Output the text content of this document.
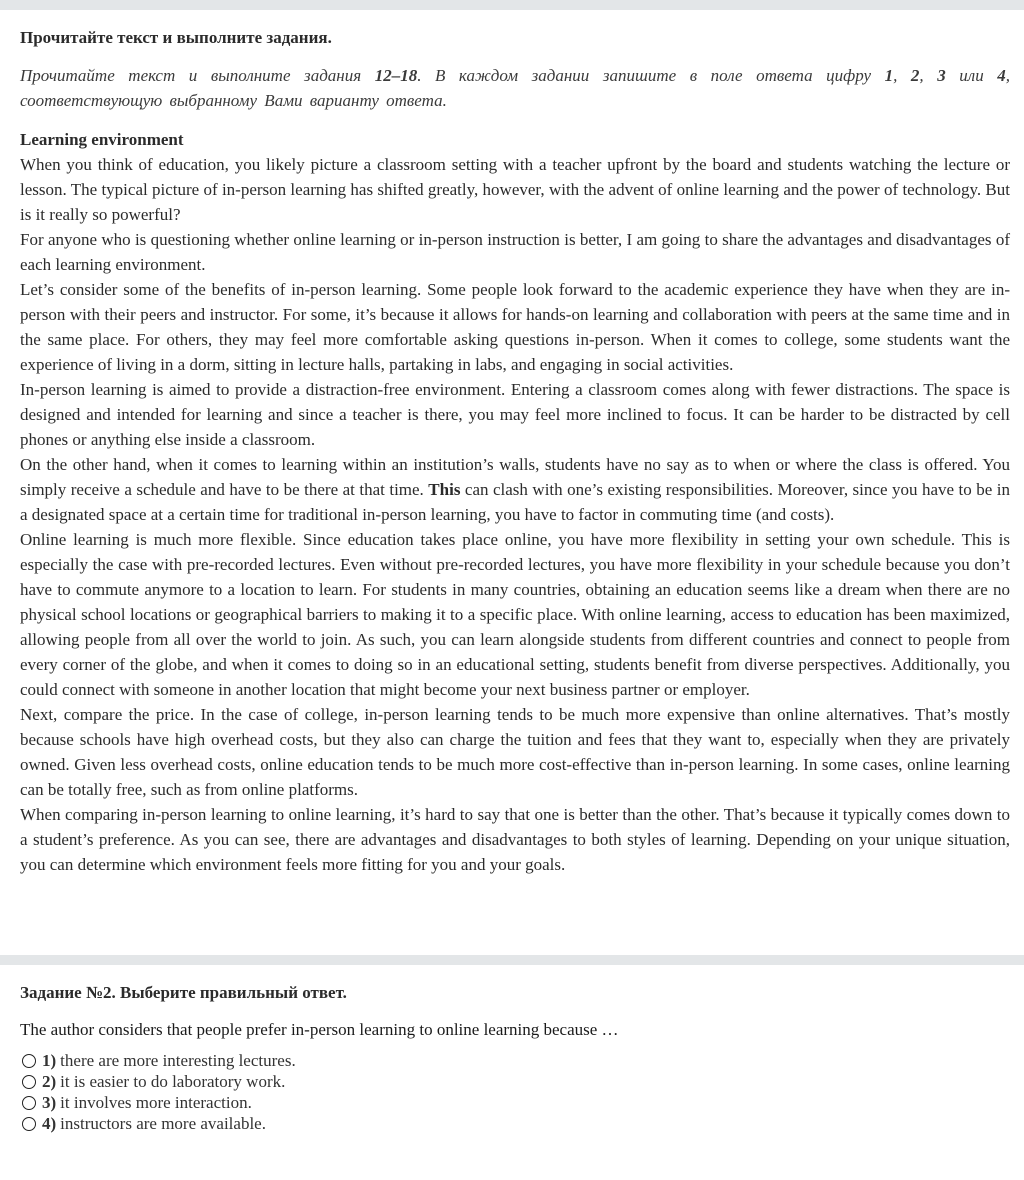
Прочитайте текст и выполните задания.

Прочитайте текст и выполните задания 12–18. В каждом задании запишите в поле ответа цифру 1, 2, 3 или 4, соответствующую выбранному Вами варианту ответа.

Learning environment

When you think of education, you likely picture a classroom setting with a teacher upfront by the board and students watching the lecture or lesson. The typical picture of in-person learning has shifted greatly, however, with the advent of online learning and the power of technology. But is it really so powerful?

For anyone who is questioning whether online learning or in-person instruction is better, I am going to share the advantages and disadvantages of each learning environment.

Let’s consider some of the benefits of in-person learning. Some people look forward to the academic experience they have when they are in-person with their peers and instructor. For some, it’s because it allows for hands-on learning and collaboration with peers at the same time and in the same place. For others, they may feel more comfortable asking questions in-person. When it comes to college, some students want the experience of living in a dorm, sitting in lecture halls, partaking in labs, and engaging in social activities.

In-person learning is aimed to provide a distraction-free environment. Entering a classroom comes along with fewer distractions. The space is designed and intended for learning and since a teacher is there, you may feel more inclined to focus. It can be harder to be distracted by cell phones or anything else inside a classroom.

On the other hand, when it comes to learning within an institution’s walls, students have no say as to when or where the class is offered. You simply receive a schedule and have to be there at that time. This can clash with one’s existing responsibilities. Moreover, since you have to be in a designated space at a certain time for traditional in-person learning, you have to factor in commuting time (and costs).

Online learning is much more flexible. Since education takes place online, you have more flexibility in setting your own schedule. This is especially the case with pre-recorded lectures. Even without pre-recorded lectures, you have more flexibility in your schedule because you don’t have to commute anymore to a location to learn. For students in many countries, obtaining an education seems like a dream when there are no physical school locations or geographical barriers to making it to a specific place. With online learning, access to education has been maximized, allowing people from all over the world to join. As such, you can learn alongside students from different countries and connect to people from every corner of the globe, and when it comes to doing so in an educational setting, students benefit from diverse perspectives. Additionally, you could connect with someone in another location that might become your next business partner or employer.

Next, compare the price. In the case of college, in-person learning tends to be much more expensive than online alternatives. That’s mostly because schools have high overhead costs, but they also can charge the tuition and fees that they want to, especially when they are privately owned. Given less overhead costs, online education tends to be much more cost-effective than in-person learning. In some cases, online learning can be totally free, such as from online platforms.

When comparing in-person learning to online learning, it’s hard to say that one is better than the other. That’s because it typically comes down to a student’s preference. As you can see, there are advantages and disadvantages to both styles of learning. Depending on your unique situation, you can determine which environment feels more fitting for you and your goals.

Задание №2. Выберите правильный ответ.

The author considers that people prefer in-person learning to online learning because …

1) there are more interesting lectures.
2) it is easier to do laboratory work.
3) it involves more interaction.
4) instructors are more available.
